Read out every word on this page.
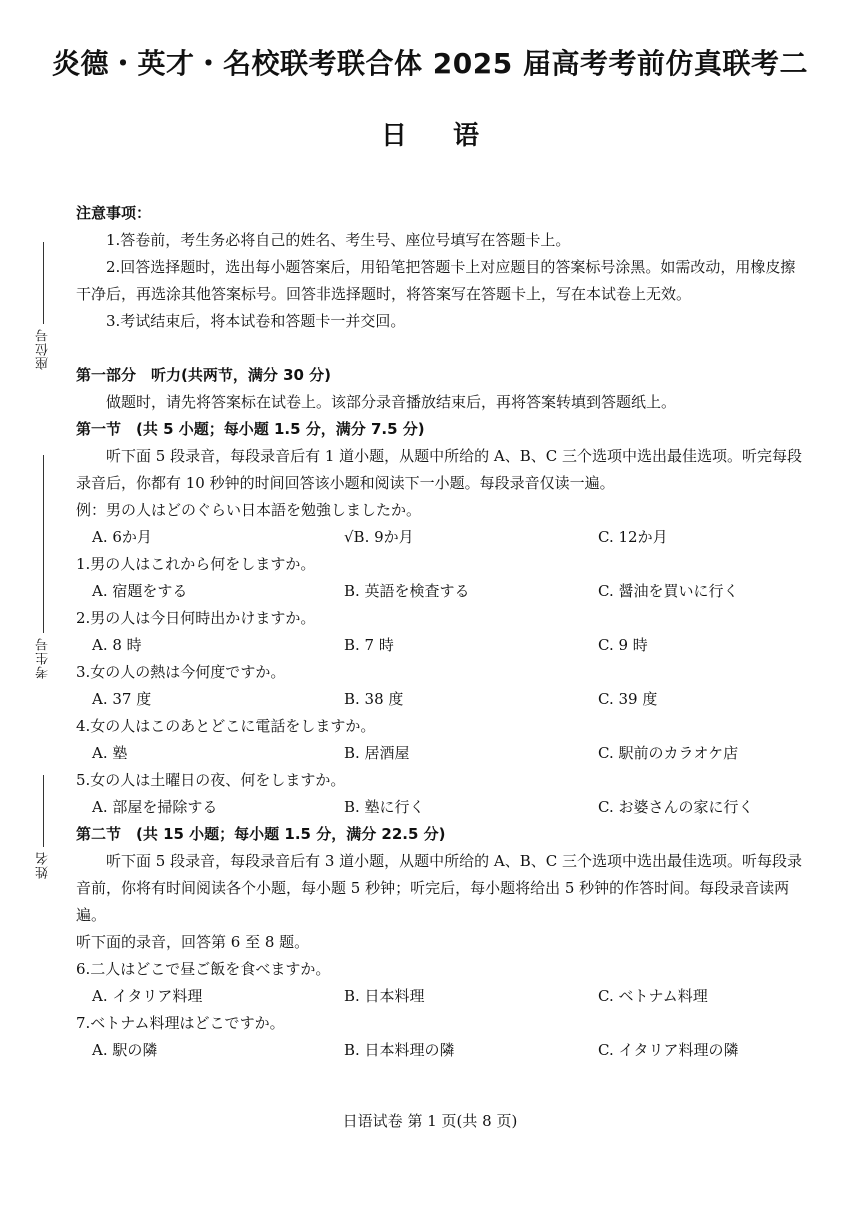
座位号
考生号
姓名
炎德・英才・名校联考联合体 2025 届高考考前仿真联考二
日语

注意事项：

1.答卷前，考生务必将自己的姓名、考生号、座位号填写在答题卡上。

2.回答选择题时，选出每小题答案后，用铅笔把答题卡上对应题目的答案标号涂黑。如需改动，用橡皮擦干净后，再选涂其他答案标号。回答非选择题时，将答案写在答题卡上，写在本试卷上无效。

3.考试结束后，将本试卷和答题卡一并交回。

第一部分　听力(共两节，满分 30 分)

做题时，请先将答案标在试卷上。该部分录音播放结束后，再将答案转填到答题纸上。

第一节　(共 5 小题；每小题 1.5 分，满分 7.5 分)

听下面 5 段录音，每段录音后有 1 道小题，从题中所给的 A、B、C 三个选项中选出最佳选项。听完每段录音后，你都有 10 秒钟的时间回答该小题和阅读下一小题。每段录音仅读一遍。

例：男の人はどのぐらい日本語を勉強しましたか。

A. 6か月	√B. 9か月	C. 12か月

1.男の人はこれから何をしますか。

A. 宿題をする	B. 英語を検査する	C. 醤油を買いに行く

2.男の人は今日何時出かけますか。

A. 8 時	B. 7 時	C. 9 時

3.女の人の熱は今何度ですか。

A. 37 度	B. 38 度	C. 39 度

4.女の人はこのあとどこに電話をしますか。

A. 塾	B. 居酒屋	C. 駅前のカラオケ店

5.女の人は土曜日の夜、何をしますか。

A. 部屋を掃除する	B. 塾に行く	C. お婆さんの家に行く

第二节　(共 15 小题；每小题 1.5 分，满分 22.5 分)

听下面 5 段录音，每段录音后有 3 道小题，从题中所给的 A、B、C 三个选项中选出最佳选项。听每段录音前，你将有时间阅读各个小题，每小题 5 秒钟；听完后，每小题将给出 5 秒钟的作答时间。每段录音读两遍。

听下面的录音，回答第 6 至 8 题。

6.二人はどこで昼ご飯を食べますか。

A. イタリア料理	B. 日本料理	C. ベトナム料理

7.ベトナム料理はどこですか。

A. 駅の隣	B. 日本料理の隣	C. イタリア料理の隣
日语试卷 第 1 页(共 8 页)
